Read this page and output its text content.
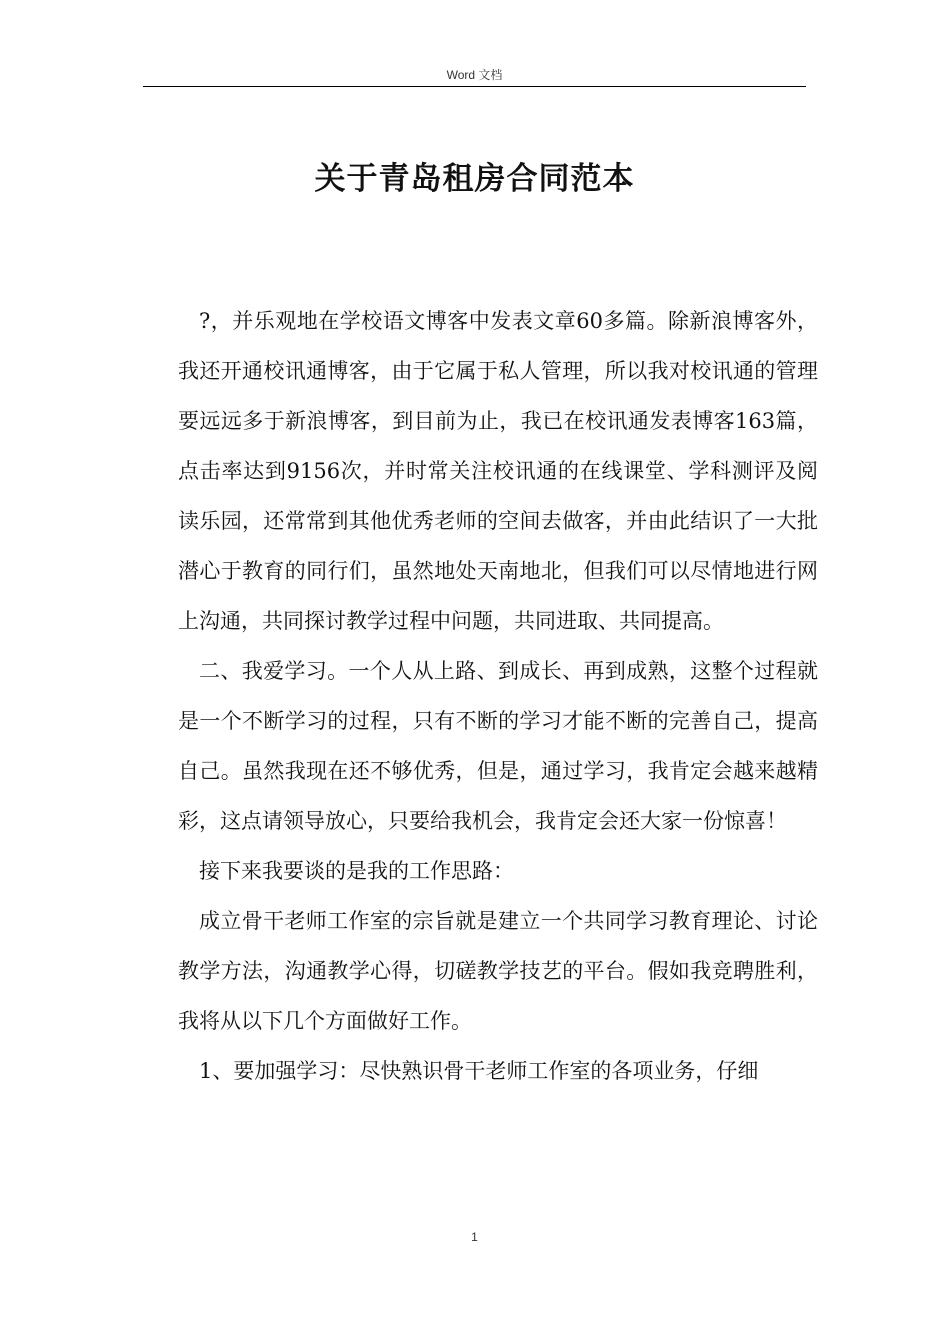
Word 文档
关于青岛租房合同范本

?，并乐观地在学校语文博客中发表文章60多篇。除新浪博客外，我还开通校讯通博客，由于它属于私人管理，所以我对校讯通的管理要远远多于新浪博客，到目前为止，我已在校讯通发表博客163篇，点击率达到9156次，并时常关注校讯通的在线课堂、学科测评及阅读乐园，还常常到其他优秀老师的空间去做客，并由此结识了一大批潜心于教育的同行们，虽然地处天南地北，但我们可以尽情地进行网上沟通，共同探讨教学过程中问题，共同进取、共同提高。

二、我爱学习。一个人从上路、到成长、再到成熟，这整个过程就是一个不断学习的过程，只有不断的学习才能不断的完善自己，提高自己。虽然我现在还不够优秀，但是，通过学习，我肯定会越来越精彩，这点请领导放心，只要给我机会，我肯定会还大家一份惊喜！

接下来我要谈的是我的工作思路：

成立骨干老师工作室的宗旨就是建立一个共同学习教育理论、讨论教学方法，沟通教学心得，切磋教学技艺的平台。假如我竞聘胜利，我将从以下几个方面做好工作。

1、要加强学习：尽快熟识骨干老师工作室的各项业务，仔细

1
